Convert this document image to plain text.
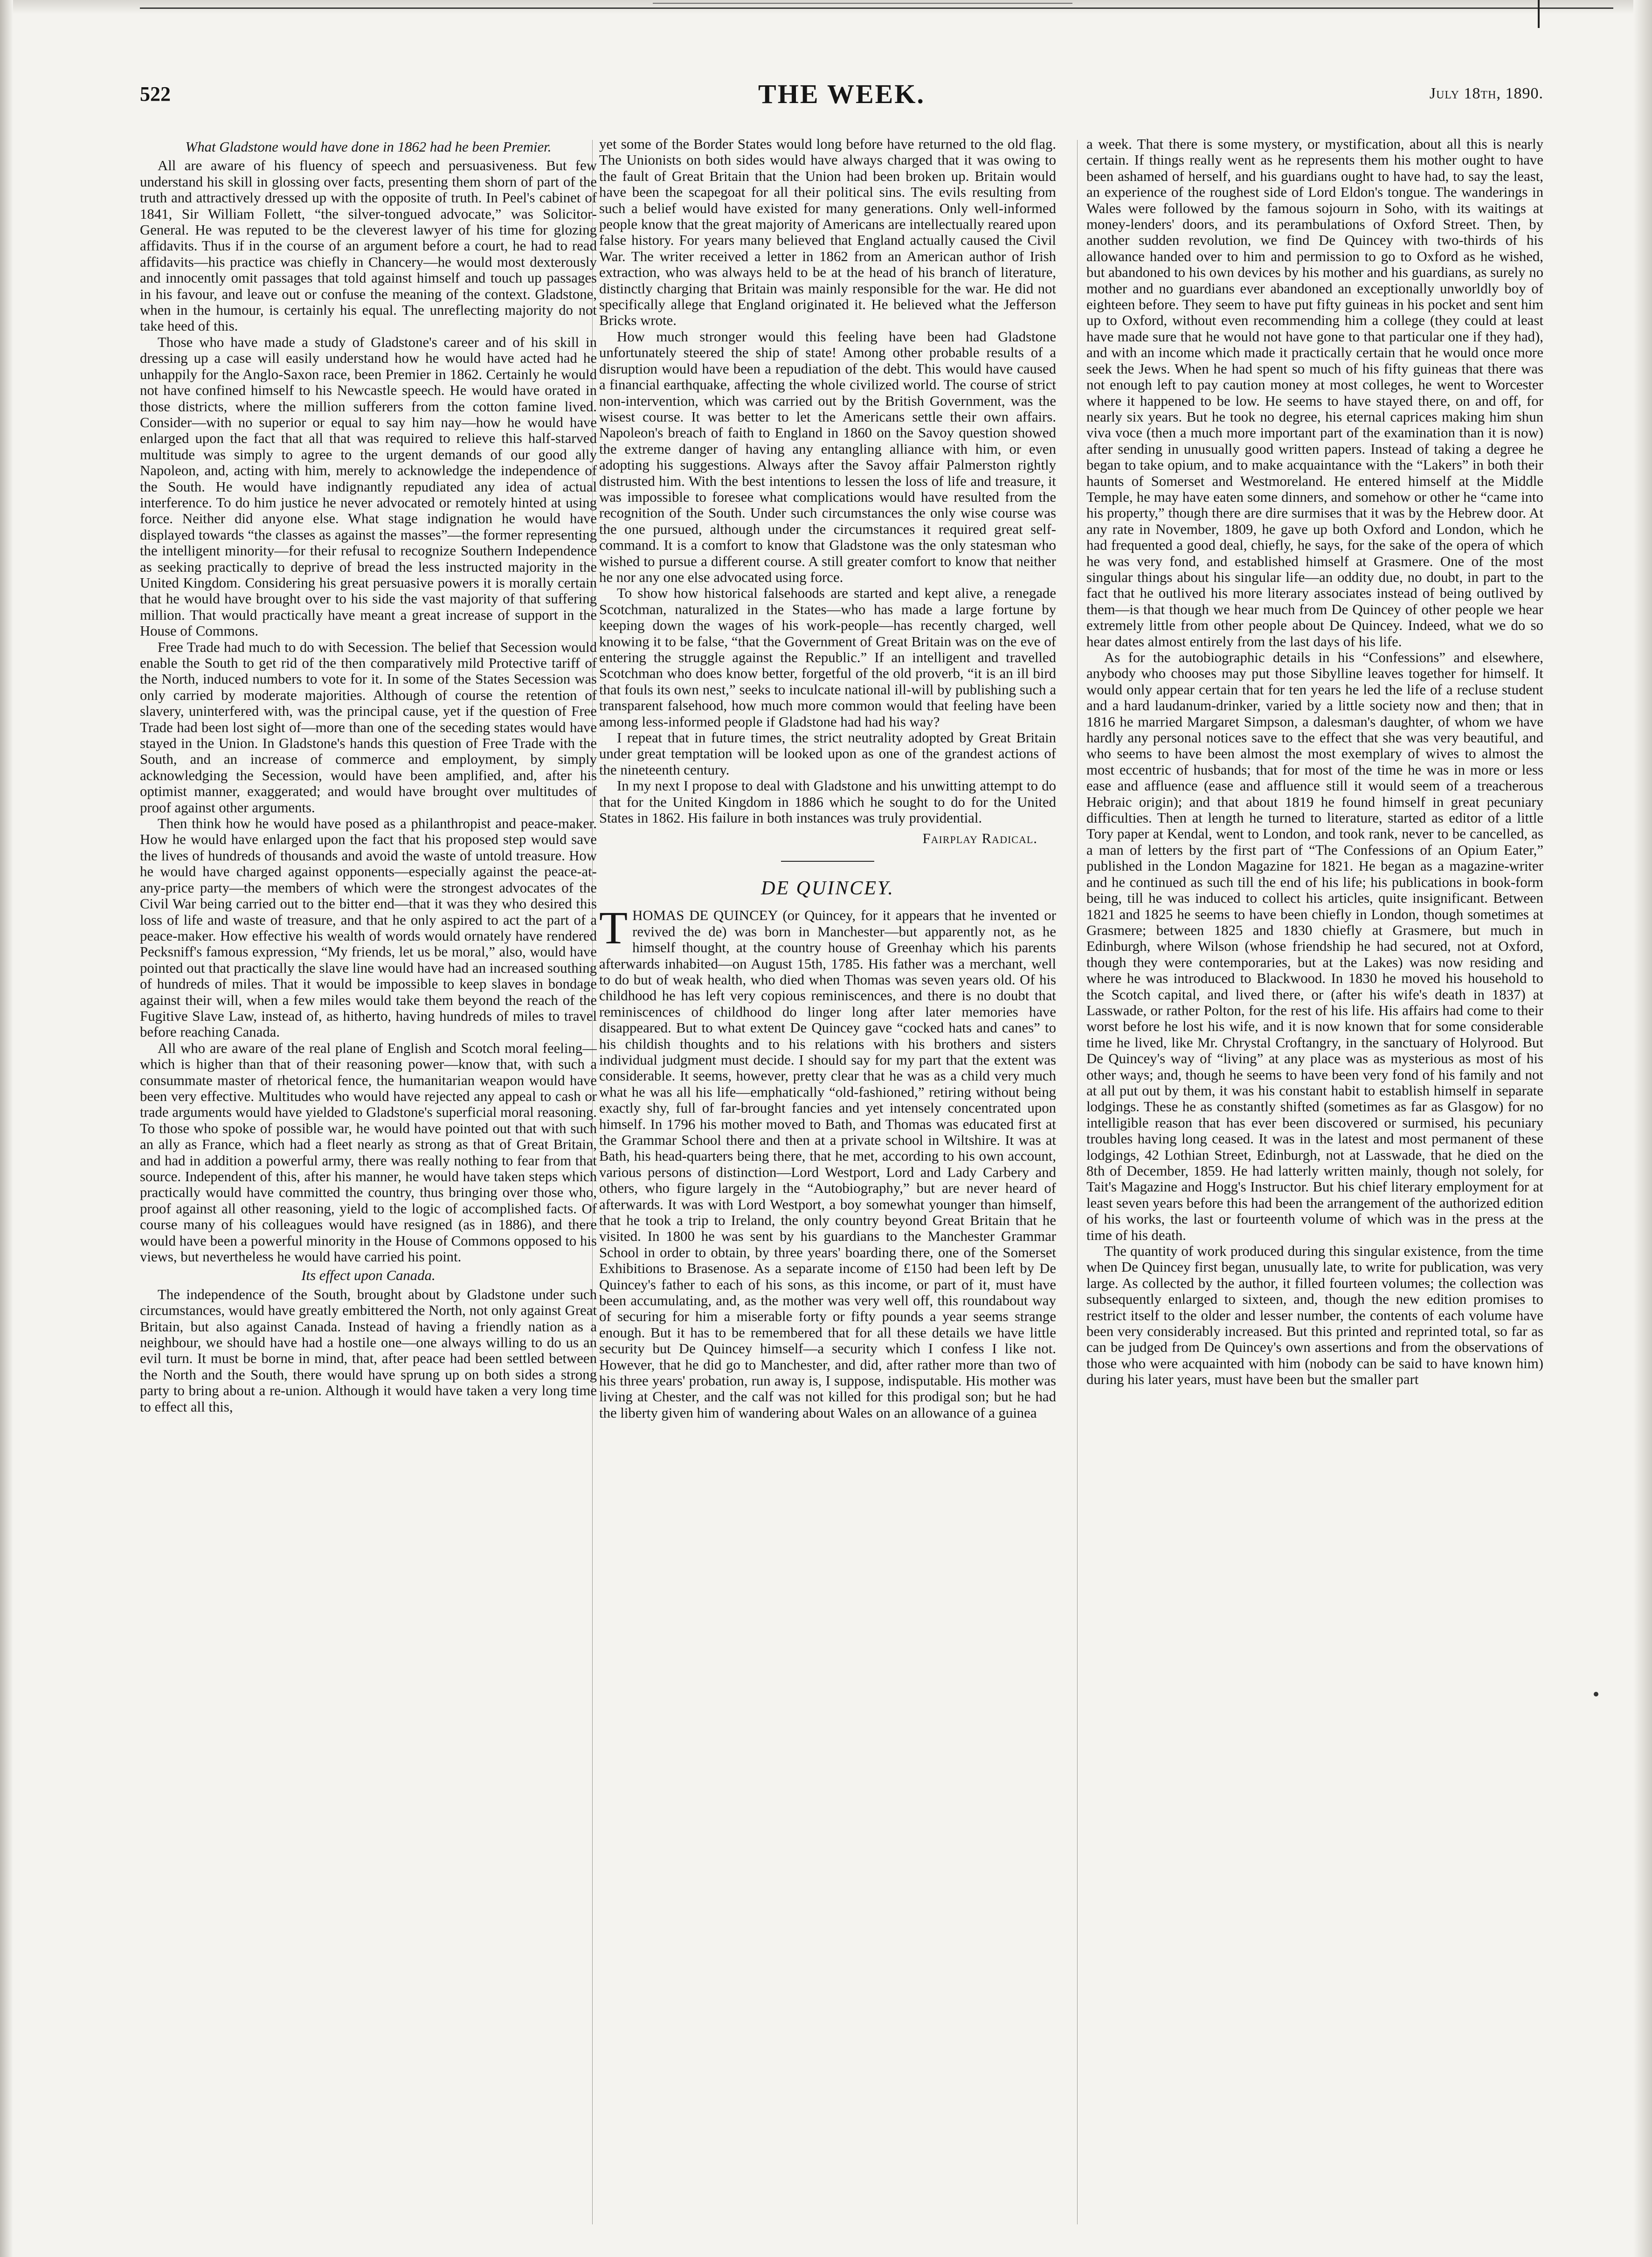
522	THE WEEK.	July 18th, 1890.
What Gladstone would have done in 1862 had he been Premier.

All are aware of his fluency of speech and persuasiveness. But few understand his skill in glossing over facts, presenting them shorn of part of the truth and attractively dressed up with the opposite of truth. In Peel's cabinet of 1841, Sir William Follett, “the silver-tongued advocate,” was Solicitor-General. He was reputed to be the cleverest lawyer of his time for glozing affidavits. Thus if in the course of an argument before a court, he had to read affidavits—his practice was chiefly in Chancery—he would most dexterously and innocently omit passages that told against himself and touch up passages in his favour, and leave out or confuse the meaning of the context. Gladstone, when in the humour, is certainly his equal. The unreflecting majority do not take heed of this.

Those who have made a study of Gladstone's career and of his skill in dressing up a case will easily understand how he would have acted had he unhappily for the Anglo-Saxon race, been Premier in 1862. Certainly he would not have confined himself to his Newcastle speech. He would have orated in those districts, where the million sufferers from the cotton famine lived. Consider—with no superior or equal to say him nay—how he would have enlarged upon the fact that all that was required to relieve this half-starved multitude was simply to agree to the urgent demands of our good ally Napoleon, and, acting with him, merely to acknowledge the independence of the South. He would have indignantly repudiated any idea of actual interference. To do him justice he never advocated or remotely hinted at using force. Neither did anyone else. What stage indignation he would have displayed towards “the classes as against the masses”—the former representing the intelligent minority—for their refusal to recognize Southern Independence as seeking practically to deprive of bread the less instructed majority in the United Kingdom. Considering his great persuasive powers it is morally certain that he would have brought over to his side the vast majority of that suffering million. That would practically have meant a great increase of support in the House of Commons.

Free Trade had much to do with Secession. The belief that Secession would enable the South to get rid of the then comparatively mild Protective tariff of the North, induced numbers to vote for it. In some of the States Secession was only carried by moderate majorities. Although of course the retention of slavery, uninterfered with, was the principal cause, yet if the question of Free Trade had been lost sight of—more than one of the seceding states would have stayed in the Union. In Gladstone's hands this question of Free Trade with the South, and an increase of commerce and employment, by simply acknowledging the Secession, would have been amplified, and, after his optimist manner, exaggerated; and would have brought over multitudes of proof against other arguments.

Then think how he would have posed as a philanthropist and peace-maker. How he would have enlarged upon the fact that his proposed step would save the lives of hundreds of thousands and avoid the waste of untold treasure. How he would have charged against opponents—especially against the peace-at-any-price party—the members of which were the strongest advocates of the Civil War being carried out to the bitter end—that it was they who desired this loss of life and waste of treasure, and that he only aspired to act the part of a peace-maker. How effective his wealth of words would ornately have rendered Pecksniff's famous expression, “My friends, let us be moral,” also, would have pointed out that practically the slave line would have had an increased southing of hundreds of miles. That it would be impossible to keep slaves in bondage against their will, when a few miles would take them beyond the reach of the Fugitive Slave Law, instead of, as hitherto, having hundreds of miles to travel before reaching Canada.

All who are aware of the real plane of English and Scotch moral feeling—which is higher than that of their reasoning power—know that, with such a consummate master of rhetorical fence, the humanitarian weapon would have been very effective. Multitudes who would have rejected any appeal to cash or trade arguments would have yielded to Gladstone's superficial moral reasoning. To those who spoke of possible war, he would have pointed out that with such an ally as France, which had a fleet nearly as strong as that of Great Britain, and had in addition a powerful army, there was really nothing to fear from that source. Independent of this, after his manner, he would have taken steps which practically would have committed the country, thus bringing over those who, proof against all other reasoning, yield to the logic of accomplished facts. Of course many of his colleagues would have resigned (as in 1886), and there would have been a powerful minority in the House of Commons opposed to his views, but nevertheless he would have carried his point.

Its effect upon Canada.

The independence of the South, brought about by Gladstone under such circumstances, would have greatly embittered the North, not only against Great Britain, but also against Canada. Instead of having a friendly nation as a neighbour, we should have had a hostile one—one always willing to do us an evil turn. It must be borne in mind, that, after peace had been settled between the North and the South, there would have sprung up on both sides a strong party to bring about a re-union. Although it would have taken a very long time to effect all this,

yet some of the Border States would long before have returned to the old flag. The Unionists on both sides would have always charged that it was owing to the fault of Great Britain that the Union had been broken up. Britain would have been the scapegoat for all their political sins. The evils resulting from such a belief would have existed for many generations. Only well-informed people know that the great majority of Americans are intellectually reared upon false history. For years many believed that England actually caused the Civil War. The writer received a letter in 1862 from an American author of Irish extraction, who was always held to be at the head of his branch of literature, distinctly charging that Britain was mainly responsible for the war. He did not specifically allege that England originated it. He believed what the Jefferson Bricks wrote.

How much stronger would this feeling have been had Gladstone unfortunately steered the ship of state! Among other probable results of a disruption would have been a repudiation of the debt. This would have caused a financial earthquake, affecting the whole civilized world. The course of strict non-intervention, which was carried out by the British Government, was the wisest course. It was better to let the Americans settle their own affairs. Napoleon's breach of faith to England in 1860 on the Savoy question showed the extreme danger of having any entangling alliance with him, or even adopting his suggestions. Always after the Savoy affair Palmerston rightly distrusted him. With the best intentions to lessen the loss of life and treasure, it was impossible to foresee what complications would have resulted from the recognition of the South. Under such circumstances the only wise course was the one pursued, although under the circumstances it required great self-command. It is a comfort to know that Gladstone was the only statesman who wished to pursue a different course. A still greater comfort to know that neither he nor any one else advocated using force.

To show how historical falsehoods are started and kept alive, a renegade Scotchman, naturalized in the States—who has made a large fortune by keeping down the wages of his work-people—has recently charged, well knowing it to be false, “that the Government of Great Britain was on the eve of entering the struggle against the Republic.” If an intelligent and travelled Scotchman who does know better, forgetful of the old proverb, “it is an ill bird that fouls its own nest,” seeks to inculcate national ill-will by publishing such a transparent falsehood, how much more common would that feeling have been among less-informed people if Gladstone had had his way?

I repeat that in future times, the strict neutrality adopted by Great Britain under great temptation will be looked upon as one of the grandest actions of the nineteenth century.

In my next I propose to deal with Gladstone and his unwitting attempt to do that for the United Kingdom in 1886 which he sought to do for the United States in 1862. His failure in both instances was truly providential.

Fairplay Radical.
DE QUINCEY.

THOMAS DE QUINCEY (or Quincey, for it appears that he invented or revived the de) was born in Manchester—but apparently not, as he himself thought, at the country house of Greenhay which his parents afterwards inhabited—on August 15th, 1785. His father was a merchant, well to do but of weak health, who died when Thomas was seven years old. Of his childhood he has left very copious reminiscences, and there is no doubt that reminiscences of childhood do linger long after later memories have disappeared. But to what extent De Quincey gave “cocked hats and canes” to his childish thoughts and to his relations with his brothers and sisters individual judgment must decide. I should say for my part that the extent was considerable. It seems, however, pretty clear that he was as a child very much what he was all his life—emphatically “old-fashioned,” retiring without being exactly shy, full of far-brought fancies and yet intensely concentrated upon himself. In 1796 his mother moved to Bath, and Thomas was educated first at the Grammar School there and then at a private school in Wiltshire. It was at Bath, his head-quarters being there, that he met, according to his own account, various persons of distinction—Lord Westport, Lord and Lady Carbery and others, who figure largely in the “Autobiography,” but are never heard of afterwards. It was with Lord Westport, a boy somewhat younger than himself, that he took a trip to Ireland, the only country beyond Great Britain that he visited. In 1800 he was sent by his guardians to the Manchester Grammar School in order to obtain, by three years' boarding there, one of the Somerset Exhibitions to Brasenose. As a separate income of £150 had been left by De Quincey's father to each of his sons, as this income, or part of it, must have been accumulating, and, as the mother was very well off, this roundabout way of securing for him a miserable forty or fifty pounds a year seems strange enough. But it has to be remembered that for all these details we have little security but De Quincey himself—a security which I confess I like not. However, that he did go to Manchester, and did, after rather more than two of his three years' probation, run away is, I suppose, indisputable. His mother was living at Chester, and the calf was not killed for this prodigal son; but he had the liberty given him of wandering about Wales on an allowance of a guinea

a week. That there is some mystery, or mystification, about all this is nearly certain. If things really went as he represents them his mother ought to have been ashamed of herself, and his guardians ought to have had, to say the least, an experience of the roughest side of Lord Eldon's tongue. The wanderings in Wales were followed by the famous sojourn in Soho, with its waitings at money-lenders' doors, and its perambulations of Oxford Street. Then, by another sudden revolution, we find De Quincey with two-thirds of his allowance handed over to him and permission to go to Oxford as he wished, but abandoned to his own devices by his mother and his guardians, as surely no mother and no guardians ever abandoned an exceptionally unworldly boy of eighteen before. They seem to have put fifty guineas in his pocket and sent him up to Oxford, without even recommending him a college (they could at least have made sure that he would not have gone to that particular one if they had), and with an income which made it practically certain that he would once more seek the Jews. When he had spent so much of his fifty guineas that there was not enough left to pay caution money at most colleges, he went to Worcester where it happened to be low. He seems to have stayed there, on and off, for nearly six years. But he took no degree, his eternal caprices making him shun viva voce (then a much more important part of the examination than it is now) after sending in unusually good written papers. Instead of taking a degree he began to take opium, and to make acquaintance with the “Lakers” in both their haunts of Somerset and Westmoreland. He entered himself at the Middle Temple, he may have eaten some dinners, and somehow or other he “came into his property,” though there are dire surmises that it was by the Hebrew door. At any rate in November, 1809, he gave up both Oxford and London, which he had frequented a good deal, chiefly, he says, for the sake of the opera of which he was very fond, and established himself at Grasmere. One of the most singular things about his singular life—an oddity due, no doubt, in part to the fact that he outlived his more literary associates instead of being outlived by them—is that though we hear much from De Quincey of other people we hear extremely little from other people about De Quincey. Indeed, what we do so hear dates almost entirely from the last days of his life.

As for the autobiographic details in his “Confessions” and elsewhere, anybody who chooses may put those Sibylline leaves together for himself. It would only appear certain that for ten years he led the life of a recluse student and a hard laudanum-drinker, varied by a little society now and then; that in 1816 he married Margaret Simpson, a dalesman's daughter, of whom we have hardly any personal notices save to the effect that she was very beautiful, and who seems to have been almost the most exemplary of wives to almost the most eccentric of husbands; that for most of the time he was in more or less ease and affluence (ease and affluence still it would seem of a treacherous Hebraic origin); and that about 1819 he found himself in great pecuniary difficulties. Then at length he turned to literature, started as editor of a little Tory paper at Kendal, went to London, and took rank, never to be cancelled, as a man of letters by the first part of “The Confessions of an Opium Eater,” published in the London Magazine for 1821. He began as a magazine-writer and he continued as such till the end of his life; his publications in book-form being, till he was induced to collect his articles, quite insignificant. Between 1821 and 1825 he seems to have been chiefly in London, though sometimes at Grasmere; between 1825 and 1830 chiefly at Grasmere, but much in Edinburgh, where Wilson (whose friendship he had secured, not at Oxford, though they were contemporaries, but at the Lakes) was now residing and where he was introduced to Blackwood. In 1830 he moved his household to the Scotch capital, and lived there, or (after his wife's death in 1837) at Lasswade, or rather Polton, for the rest of his life. His affairs had come to their worst before he lost his wife, and it is now known that for some considerable time he lived, like Mr. Chrystal Croftangry, in the sanctuary of Holyrood. But De Quincey's way of “living” at any place was as mysterious as most of his other ways; and, though he seems to have been very fond of his family and not at all put out by them, it was his constant habit to establish himself in separate lodgings. These he as constantly shifted (sometimes as far as Glasgow) for no intelligible reason that has ever been discovered or surmised, his pecuniary troubles having long ceased. It was in the latest and most permanent of these lodgings, 42 Lothian Street, Edinburgh, not at Lasswade, that he died on the 8th of December, 1859. He had latterly written mainly, though not solely, for Tait's Magazine and Hogg's Instructor. But his chief literary employment for at least seven years before this had been the arrangement of the authorized edition of his works, the last or fourteenth volume of which was in the press at the time of his death.

The quantity of work produced during this singular existence, from the time when De Quincey first began, unusually late, to write for publication, was very large. As collected by the author, it filled fourteen volumes; the collection was subsequently enlarged to sixteen, and, though the new edition promises to restrict itself to the older and lesser number, the contents of each volume have been very considerably increased. But this printed and reprinted total, so far as can be judged from De Quincey's own assertions and from the observations of those who were acquainted with him (nobody can be said to have known him) during his later years, must have been but the smaller part
